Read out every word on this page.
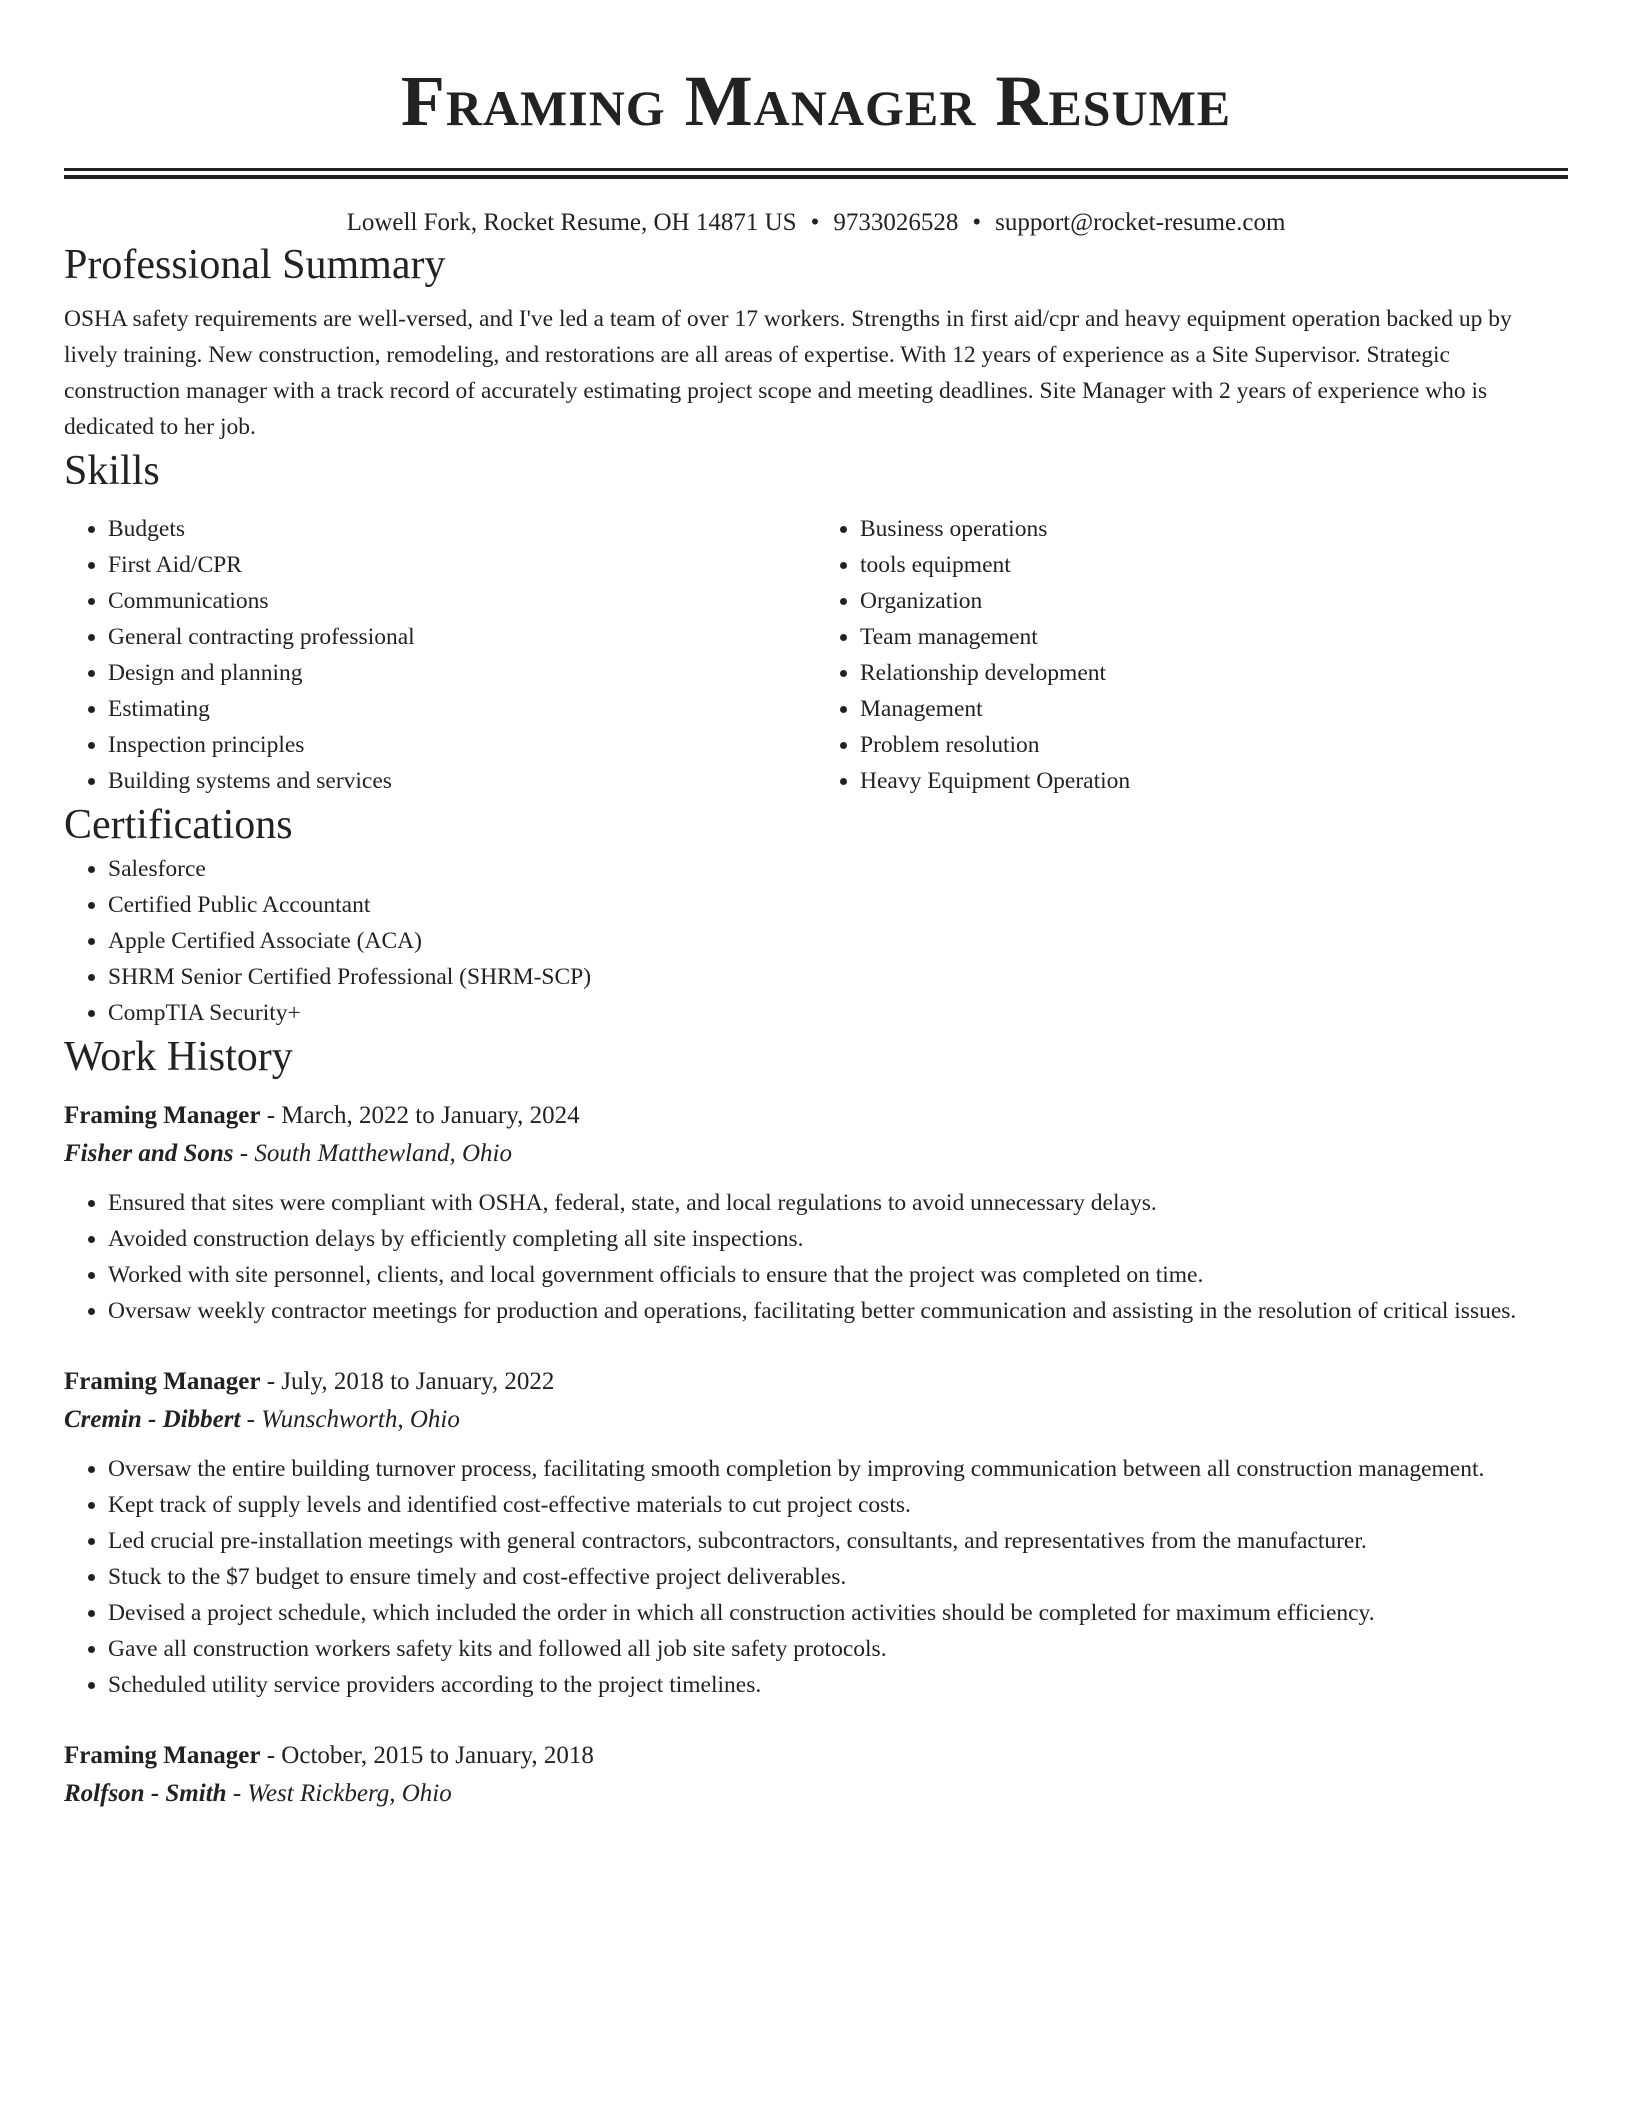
Framing Manager Resume
Lowell Fork, Rocket Resume, OH 14871 US • 9733026528 • support@rocket-resume.com
Professional Summary

OSHA safety requirements are well-versed, and I've led a team of over 17 workers. Strengths in first aid/cpr and heavy equipment operation backed up by lively training. New construction, remodeling, and restorations are all areas of expertise. With 12 years of experience as a Site Supervisor. Strategic construction manager with a track record of accurately estimating project scope and meeting deadlines. Site Manager with 2 years of experience who is dedicated to her job.

Skills
• Budgets
• First Aid/CPR
• Communications
• General contracting professional
• Design and planning
• Estimating
• Inspection principles
• Building systems and services
• Business operations
• tools equipment
• Organization
• Team management
• Relationship development
• Management
• Problem resolution
• Heavy Equipment Operation
Certifications
• Salesforce
• Certified Public Accountant
• Apple Certified Associate (ACA)
• SHRM Senior Certified Professional (SHRM-SCP)
• CompTIA Security+
Work History
Framing Manager - March, 2022 to January, 2024
Fisher and Sons - South Matthewland, Ohio
• Ensured that sites were compliant with OSHA, federal, state, and local regulations to avoid unnecessary delays.
• Avoided construction delays by efficiently completing all site inspections.
• Worked with site personnel, clients, and local government officials to ensure that the project was completed on time.
• Oversaw weekly contractor meetings for production and operations, facilitating better communication and assisting in the resolution of critical issues.
Framing Manager - July, 2018 to January, 2022
Cremin - Dibbert - Wunschworth, Ohio
• Oversaw the entire building turnover process, facilitating smooth completion by improving communication between all construction management.
• Kept track of supply levels and identified cost-effective materials to cut project costs.
• Led crucial pre-installation meetings with general contractors, subcontractors, consultants, and representatives from the manufacturer.
• Stuck to the $7 budget to ensure timely and cost-effective project deliverables.
• Devised a project schedule, which included the order in which all construction activities should be completed for maximum efficiency.
• Gave all construction workers safety kits and followed all job site safety protocols.
• Scheduled utility service providers according to the project timelines.
Framing Manager - October, 2015 to January, 2018
Rolfson - Smith - West Rickberg, Ohio
